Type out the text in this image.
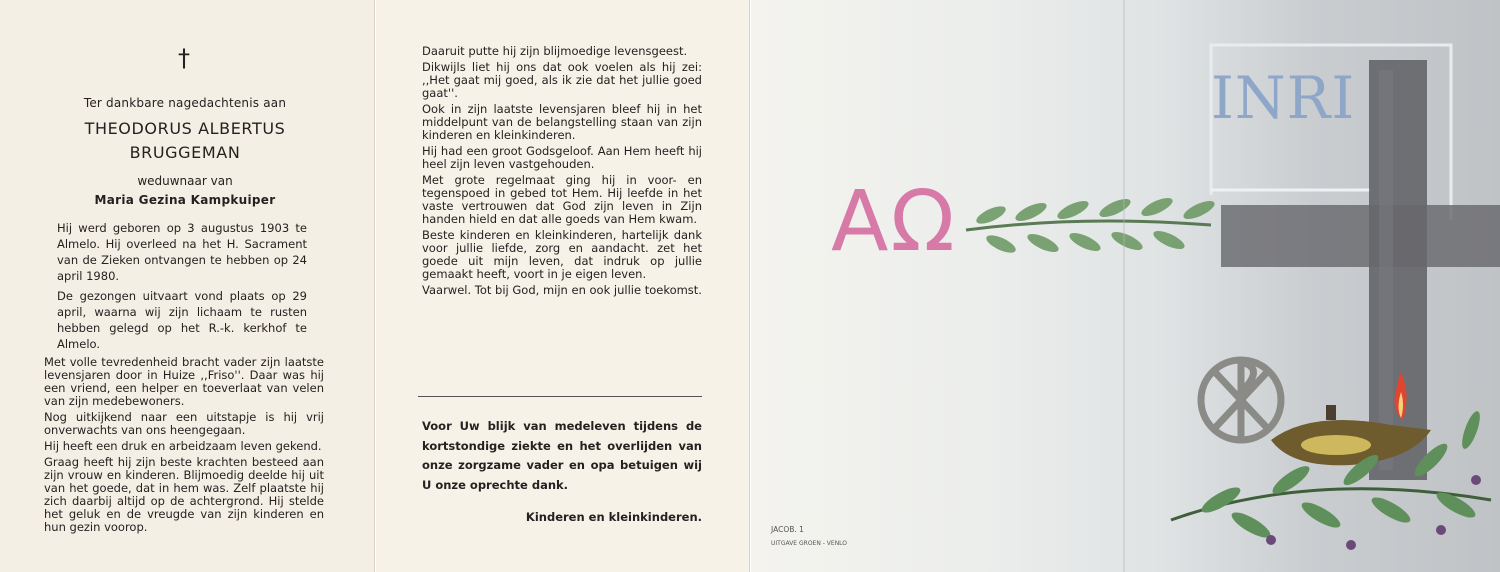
†
Ter dankbare nagedachtenis aan
THEODORUS ALBERTUS
BRUGGEMAN
weduwnaar van
Maria Gezina Kampkuiper

Hij werd geboren op 3 augustus 1903 te Almelo. Hij overleed na het H. Sacrament van de Zieken ontvangen te hebben op 24 april 1980.

De gezongen uitvaart vond plaats op 29 april, waarna wij zijn lichaam te rusten hebben gelegd op het R.-k. kerkhof te Almelo.

Met volle tevredenheid bracht vader zijn laatste levensjaren door in Huize ,,Friso''. Daar was hij een vriend, een helper en toeverlaat van velen van zijn medebewoners.

Nog uitkijkend naar een uitstapje is hij vrij onverwachts van ons heengegaan.

Hij heeft een druk en arbeidzaam leven gekend.

Graag heeft hij zijn beste krachten besteed aan zijn vrouw en kinderen. Blijmoedig deelde hij uit van het goede, dat in hem was. Zelf plaatste hij zich daarbij altijd op de achtergrond. Hij stelde het geluk en de vreugde van zijn kinderen en hun gezin voorop.

Daaruit putte hij zijn blijmoedige levensgeest.

Dikwijls liet hij ons dat ook voelen als hij zei: ,,Het gaat mij goed, als ik zie dat het jullie goed gaat''.

Ook in zijn laatste levensjaren bleef hij in het middelpunt van de belangstelling staan van zijn kinderen en kleinkinderen.

Hij had een groot Godsgeloof. Aan Hem heeft hij heel zijn leven vastgehouden.

Met grote regelmaat ging hij in voor- en tegenspoed in gebed tot Hem. Hij leefde in het vaste vertrouwen dat God zijn leven in Zijn handen hield en dat alle goeds van Hem kwam.

Beste kinderen en kleinkinderen, hartelijk dank voor jullie liefde, zorg en aandacht. zet het goede uit mijn leven, dat indruk op jullie gemaakt heeft, voort in je eigen leven.

Vaarwel. Tot bij God, mijn en ook jullie toekomst.

Voor Uw blijk van medeleven tijdens de kortstondige ziekte en het overlijden van onze zorgzame vader en opa betuigen wij U onze oprechte dank.
Kinderen en kleinkinderen.
INRI
AΩ
JACOB. 1
UITGAVE GROEN - VENLO
